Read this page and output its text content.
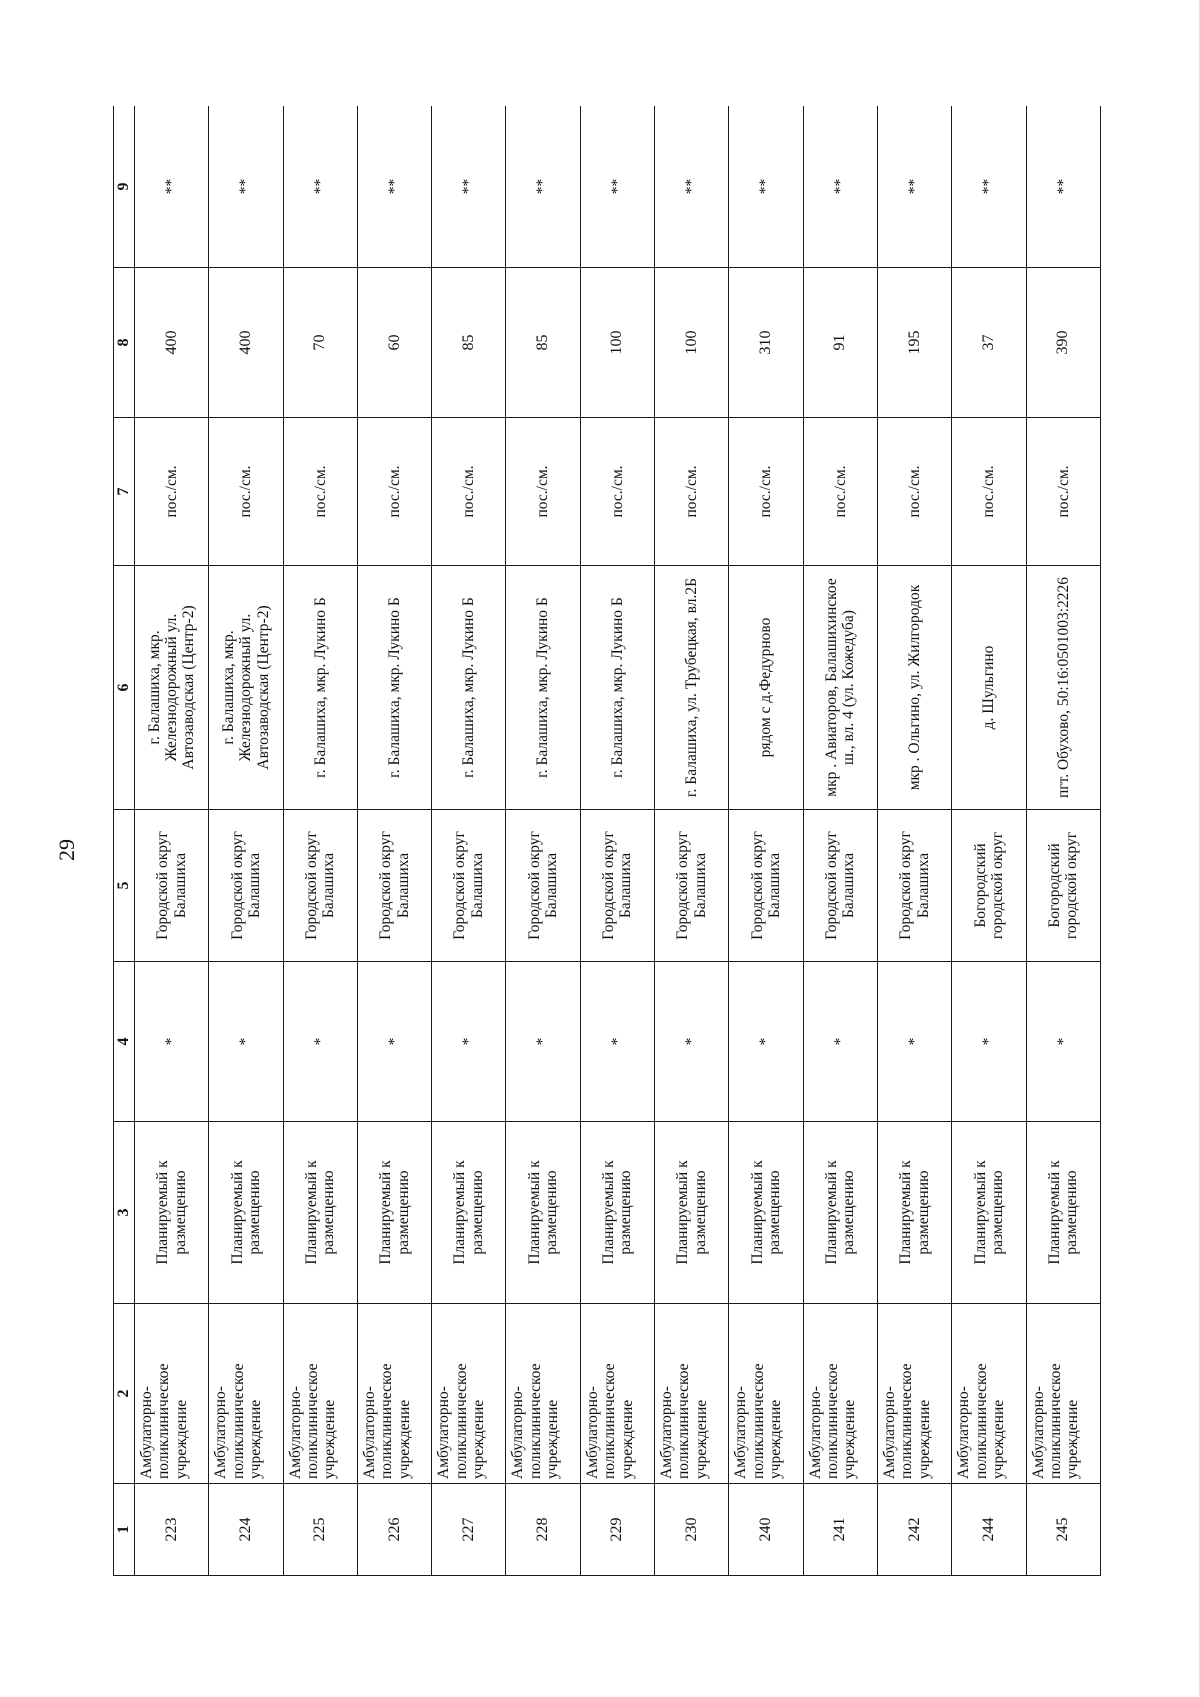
29
1	2	3	4	5	6	7	8	9
223	Амбулаторно-поликлиническое учреждение	Планируемый к размещению	*	Городской округ Балашиха	г. Балашиха, мкр. Железнодорожный ул. Автозаводская (Центр-2)	пос./см.	400	**
224	Амбулаторно-поликлиническое учреждение	Планируемый к размещению	*	Городской округ Балашиха	г. Балашиха, мкр. Железнодорожный ул. Автозаводская (Центр-2)	пос./см.	400	**
225	Амбулаторно-поликлиническое учреждение	Планируемый к размещению	*	Городской округ Балашиха	г. Балашиха, мкр. Лукино Б	пос./см.	70	**
226	Амбулаторно-поликлиническое учреждение	Планируемый к размещению	*	Городской округ Балашиха	г. Балашиха, мкр. Лукино Б	пос./см.	60	**
227	Амбулаторно-поликлиническое учреждение	Планируемый к размещению	*	Городской округ Балашиха	г. Балашиха, мкр. Лукино Б	пос./см.	85	**
228	Амбулаторно-поликлиническое учреждение	Планируемый к размещению	*	Городской округ Балашиха	г. Балашиха, мкр. Лукино Б	пос./см.	85	**
229	Амбулаторно-поликлиническое учреждение	Планируемый к размещению	*	Городской округ Балашиха	г. Балашиха, мкр. Лукино Б	пос./см.	100	**
230	Амбулаторно-поликлиническое учреждение	Планируемый к размещению	*	Городской округ Балашиха	г. Балашиха, ул. Трубецкая, вл.2Б	пос./см.	100	**
240	Амбулаторно-поликлиническое учреждение	Планируемый к размещению	*	Городской округ Балашиха	рядом с д.Федурново	пос./см.	310	**
241	Амбулаторно-поликлиническое учреждение	Планируемый к размещению	*	Городской округ Балашиха	мкр . Авиаторов, Балашихинское ш., вл. 4 (ул. Кожедуба)	пос./см.	91	**
242	Амбулаторно-поликлиническое учреждение	Планируемый к размещению	*	Городской округ Балашиха	мкр . Ольгино, ул. Жилгородок	пос./см.	195	**
244	Амбулаторно-поликлиническое учреждение	Планируемый к размещению	*	Богородский городской округ	д. Шульгино	пос./см.	37	**
245	Амбулаторно-поликлиническое учреждение	Планируемый к размещению	*	Богородский городской округ	пгт. Обухово, 50:16:0501003:2226	пос./см.	390	**
